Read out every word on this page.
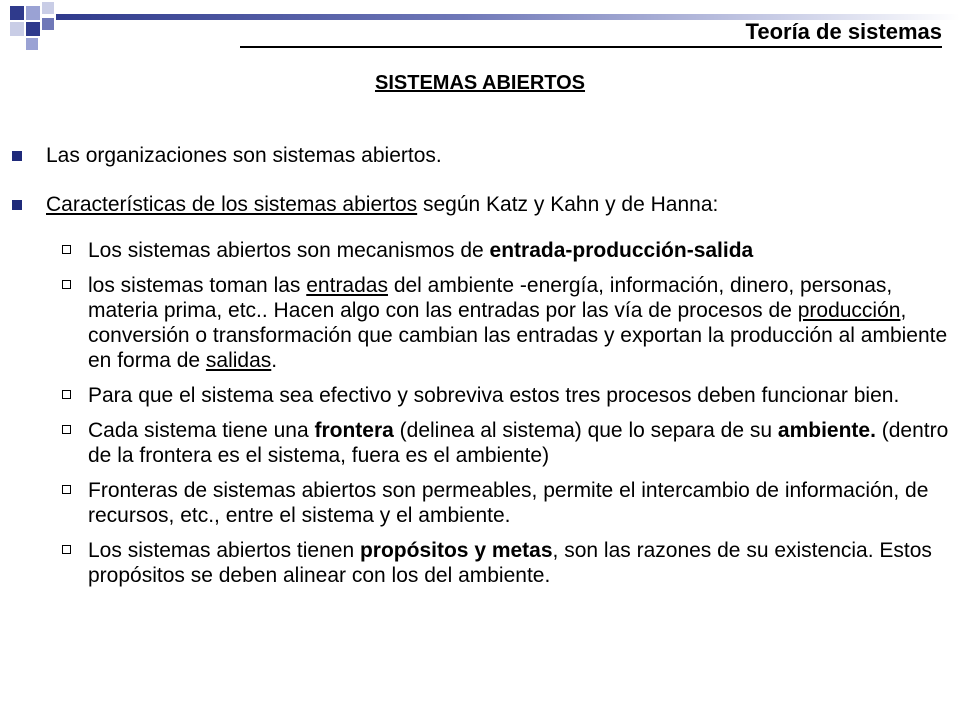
Teoría de sistemas
SISTEMAS ABIERTOS
Las organizaciones son sistemas abiertos.
Características de los sistemas abiertos según Katz y Kahn y de Hanna:
Los sistemas abiertos son mecanismos de entrada-producción-salida
los sistemas toman las entradas del ambiente -energía, información, dinero, personas, materia prima, etc.. Hacen algo con las entradas por las vía de procesos de producción, conversión o transformación que cambian las entradas y exportan la producción al ambiente en forma de salidas.
Para que el sistema sea efectivo y sobreviva estos tres procesos deben funcionar bien.
Cada sistema tiene una frontera (delinea al sistema) que lo separa de su ambiente. (dentro de la frontera es el sistema, fuera es el ambiente)
Fronteras de sistemas abiertos son permeables, permite el intercambio de información, de recursos, etc., entre el sistema y el ambiente.
Los sistemas abiertos tienen propósitos y metas, son las razones de su existencia. Estos propósitos se deben alinear con los del ambiente.
